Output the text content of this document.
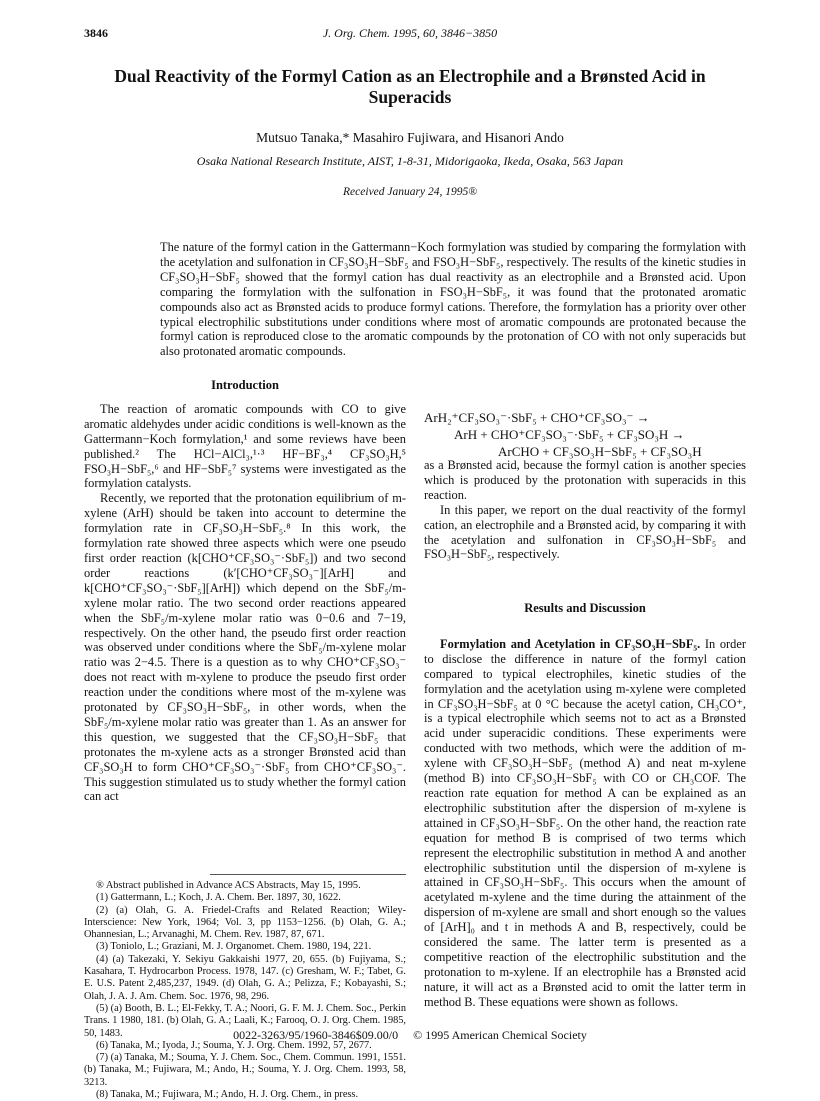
J. Org. Chem. 1995, 60, 3846−3850
3846
Dual Reactivity of the Formyl Cation as an Electrophile and a Brønsted Acid in Superacids
Mutsuo Tanaka,* Masahiro Fujiwara, and Hisanori Ando
Osaka National Research Institute, AIST, 1-8-31, Midorigaoka, Ikeda, Osaka, 563 Japan
Received January 24, 1995®
The nature of the formyl cation in the Gattermann−Koch formylation was studied by comparing the formylation with the acetylation and sulfonation in CF₃SO₃H−SbF₅ and FSO₃H−SbF₅, respectively. The results of the kinetic studies in CF₃SO₃H−SbF₅ showed that the formyl cation has dual reactivity as an electrophile and a Brønsted acid. Upon comparing the formylation with the sulfonation in FSO₃H−SbF₅, it was found that the protonated aromatic compounds also act as Brønsted acids to produce formyl cations. Therefore, the formylation has a priority over other typical electrophilic substitutions under conditions where most of aromatic compounds are protonated because the formyl cation is reproduced close to the aromatic compounds by the protonation of CO with not only superacids but also protonated aromatic compounds.

Introduction

The reaction of aromatic compounds with CO to give aromatic aldehydes under acidic conditions is well-known as the Gattermann−Koch formylation,¹ and some reviews have been published.² The HCl−AlCl₃,¹·³ HF−BF₃,⁴ CF₃SO₃H,⁵ FSO₃H−SbF₅,⁶ and HF−SbF₅⁷ systems were investigated as the formylation catalysts.

Recently, we reported that the protonation equilibrium of m-xylene (ArH) should be taken into account to determine the formylation rate in CF₃SO₃H−SbF₅.⁸ In this work, the formylation rate showed three aspects which were one pseudo first order reaction (k[CHO⁺CF₃SO₃⁻·SbF₅]) and two second order reactions (k′[CHO⁺CF₃SO₃⁻][ArH] and k[CHO⁺CF₃SO₃⁻·SbF₅][ArH]) which depend on the SbF₅/m-xylene molar ratio. The two second order reactions appeared when the SbF₅/m-xylene molar ratio was 0−0.6 and 7−19, respectively. On the other hand, the pseudo first order reaction was observed under conditions where the SbF₅/m-xylene molar ratio was 2−4.5. There is a question as to why CHO⁺CF₃SO₃⁻ does not react with m-xylene to produce the pseudo first order reaction under the conditions where most of the m-xylene was protonated by CF₃SO₃H−SbF₅, in other words, when the SbF₅/m-xylene molar ratio was greater than 1. As an answer for this question, we suggested that the CF₃SO₃H−SbF₅ that protonates the m-xylene acts as a stronger Brønsted acid than CF₃SO₃H to form CHO⁺CF₃SO₃⁻·SbF₅ from CHO⁺CF₃SO₃⁻. This suggestion stimulated us to study whether the formyl cation can act

ArH₂⁺CF₃SO₃⁻·SbF₅ + CHO⁺CF₃SO₃⁻ →
ArH + CHO⁺CF₃SO₃⁻·SbF₅ + CF₃SO₃H →
ArCHO + CF₃SO₃H−SbF₅ + CF₃SO₃H

as a Brønsted acid, because the formyl cation is another species which is produced by the protonation with superacids in this reaction.

In this paper, we report on the dual reactivity of the formyl cation, an electrophile and a Brønsted acid, by comparing it with the acetylation and sulfonation in CF₃SO₃H−SbF₅ and FSO₃H−SbF₅, respectively.

Results and Discussion

Formylation and Acetylation in CF₃SO₃H−SbF₅. In order to disclose the difference in nature of the formyl cation compared to typical electrophiles, kinetic studies of the formylation and the acetylation using m-xylene were completed in CF₃SO₃H−SbF₅ at 0 °C because the acetyl cation, CH₃CO⁺, is a typical electrophile which seems not to act as a Brønsted acid under superacidic conditions. These experiments were conducted with two methods, which were the addition of m-xylene with CF₃SO₃H−SbF₅ (method A) and neat m-xylene (method B) into CF₃SO₃H−SbF₅ with CO or CH₃COF. The reaction rate equation for method A can be explained as an electrophilic substitution after the dispersion of m-xylene is attained in CF₃SO₃H−SbF₅. On the other hand, the reaction rate equation for method B is comprised of two terms which represent the electrophilic substitution in method A and another electrophilic substitution until the dispersion of m-xylene is attained in CF₃SO₃H−SbF₅. This occurs when the amount of acetylated m-xylene and the time during the attainment of the dispersion of m-xylene are small and short enough so the values of [ArH]₀ and t in methods A and B, respectively, could be considered the same. The latter term is presented as a competitive reaction of the electrophilic substitution and the protonation to m-xylene. If an electrophile has a Brønsted acid nature, it will act as a Brønsted acid to omit the latter term in method B. These equations were shown as follows.

® Abstract published in Advance ACS Abstracts, May 15, 1995.

(1) Gattermann, L.; Koch, J. A. Chem. Ber. 1897, 30, 1622.

(2) (a) Olah, G. A. Friedel-Crafts and Related Reaction; Wiley-Interscience: New York, 1964; Vol. 3, pp 1153−1256. (b) Olah, G. A.; Ohannesian, L.; Arvanaghi, M. Chem. Rev. 1987, 87, 671.

(3) Toniolo, L.; Graziani, M. J. Organomet. Chem. 1980, 194, 221.

(4) (a) Takezaki, Y. Sekiyu Gakkaishi 1977, 20, 655. (b) Fujiyama, S.; Kasahara, T. Hydrocarbon Process. 1978, 147. (c) Gresham, W. F.; Tabet, G. E. U.S. Patent 2,485,237, 1949. (d) Olah, G. A.; Pelizza, F.; Kobayashi, S.; Olah, J. A. J. Am. Chem. Soc. 1976, 98, 296.

(5) (a) Booth, B. L.; El-Fekky, T. A.; Noori, G. F. M. J. Chem. Soc., Perkin Trans. 1 1980, 181. (b) Olah, G. A.; Laali, K.; Farooq, O. J. Org. Chem. 1985, 50, 1483.

(6) Tanaka, M.; Iyoda, J.; Souma, Y. J. Org. Chem. 1992, 57, 2677.

(7) (a) Tanaka, M.; Souma, Y. J. Chem. Soc., Chem. Commun. 1991, 1551. (b) Tanaka, M.; Fujiwara, M.; Ando, H.; Souma, Y. J. Org. Chem. 1993, 58, 3213.

(8) Tanaka, M.; Fujiwara, M.; Ando, H. J. Org. Chem., in press.

0022-3263/95/1960-3846$09.00/0 © 1995 American Chemical Society
